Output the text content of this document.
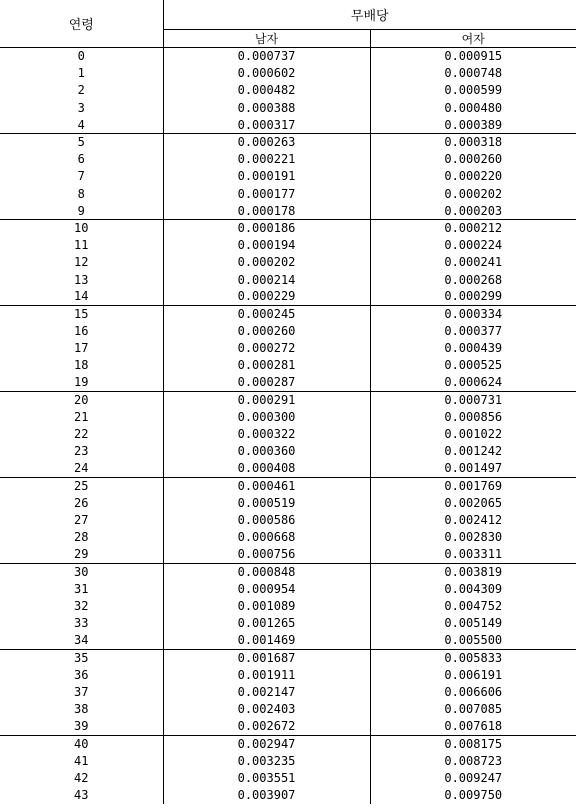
연령	무배당	
	남자	여자
0	0.000737	0.000915
1	0.000602	0.000748
2	0.000482	0.000599
3	0.000388	0.000480
4	0.000317	0.000389
5	0.000263	0.000318
6	0.000221	0.000260
7	0.000191	0.000220
8	0.000177	0.000202
9	0.000178	0.000203
10	0.000186	0.000212
11	0.000194	0.000224
12	0.000202	0.000241
13	0.000214	0.000268
14	0.000229	0.000299
15	0.000245	0.000334
16	0.000260	0.000377
17	0.000272	0.000439
18	0.000281	0.000525
19	0.000287	0.000624
20	0.000291	0.000731
21	0.000300	0.000856
22	0.000322	0.001022
23	0.000360	0.001242
24	0.000408	0.001497
25	0.000461	0.001769
26	0.000519	0.002065
27	0.000586	0.002412
28	0.000668	0.002830
29	0.000756	0.003311
30	0.000848	0.003819
31	0.000954	0.004309
32	0.001089	0.004752
33	0.001265	0.005149
34	0.001469	0.005500
35	0.001687	0.005833
36	0.001911	0.006191
37	0.002147	0.006606
38	0.002403	0.007085
39	0.002672	0.007618
40	0.002947	0.008175
41	0.003235	0.008723
42	0.003551	0.009247
43	0.003907	0.009750
